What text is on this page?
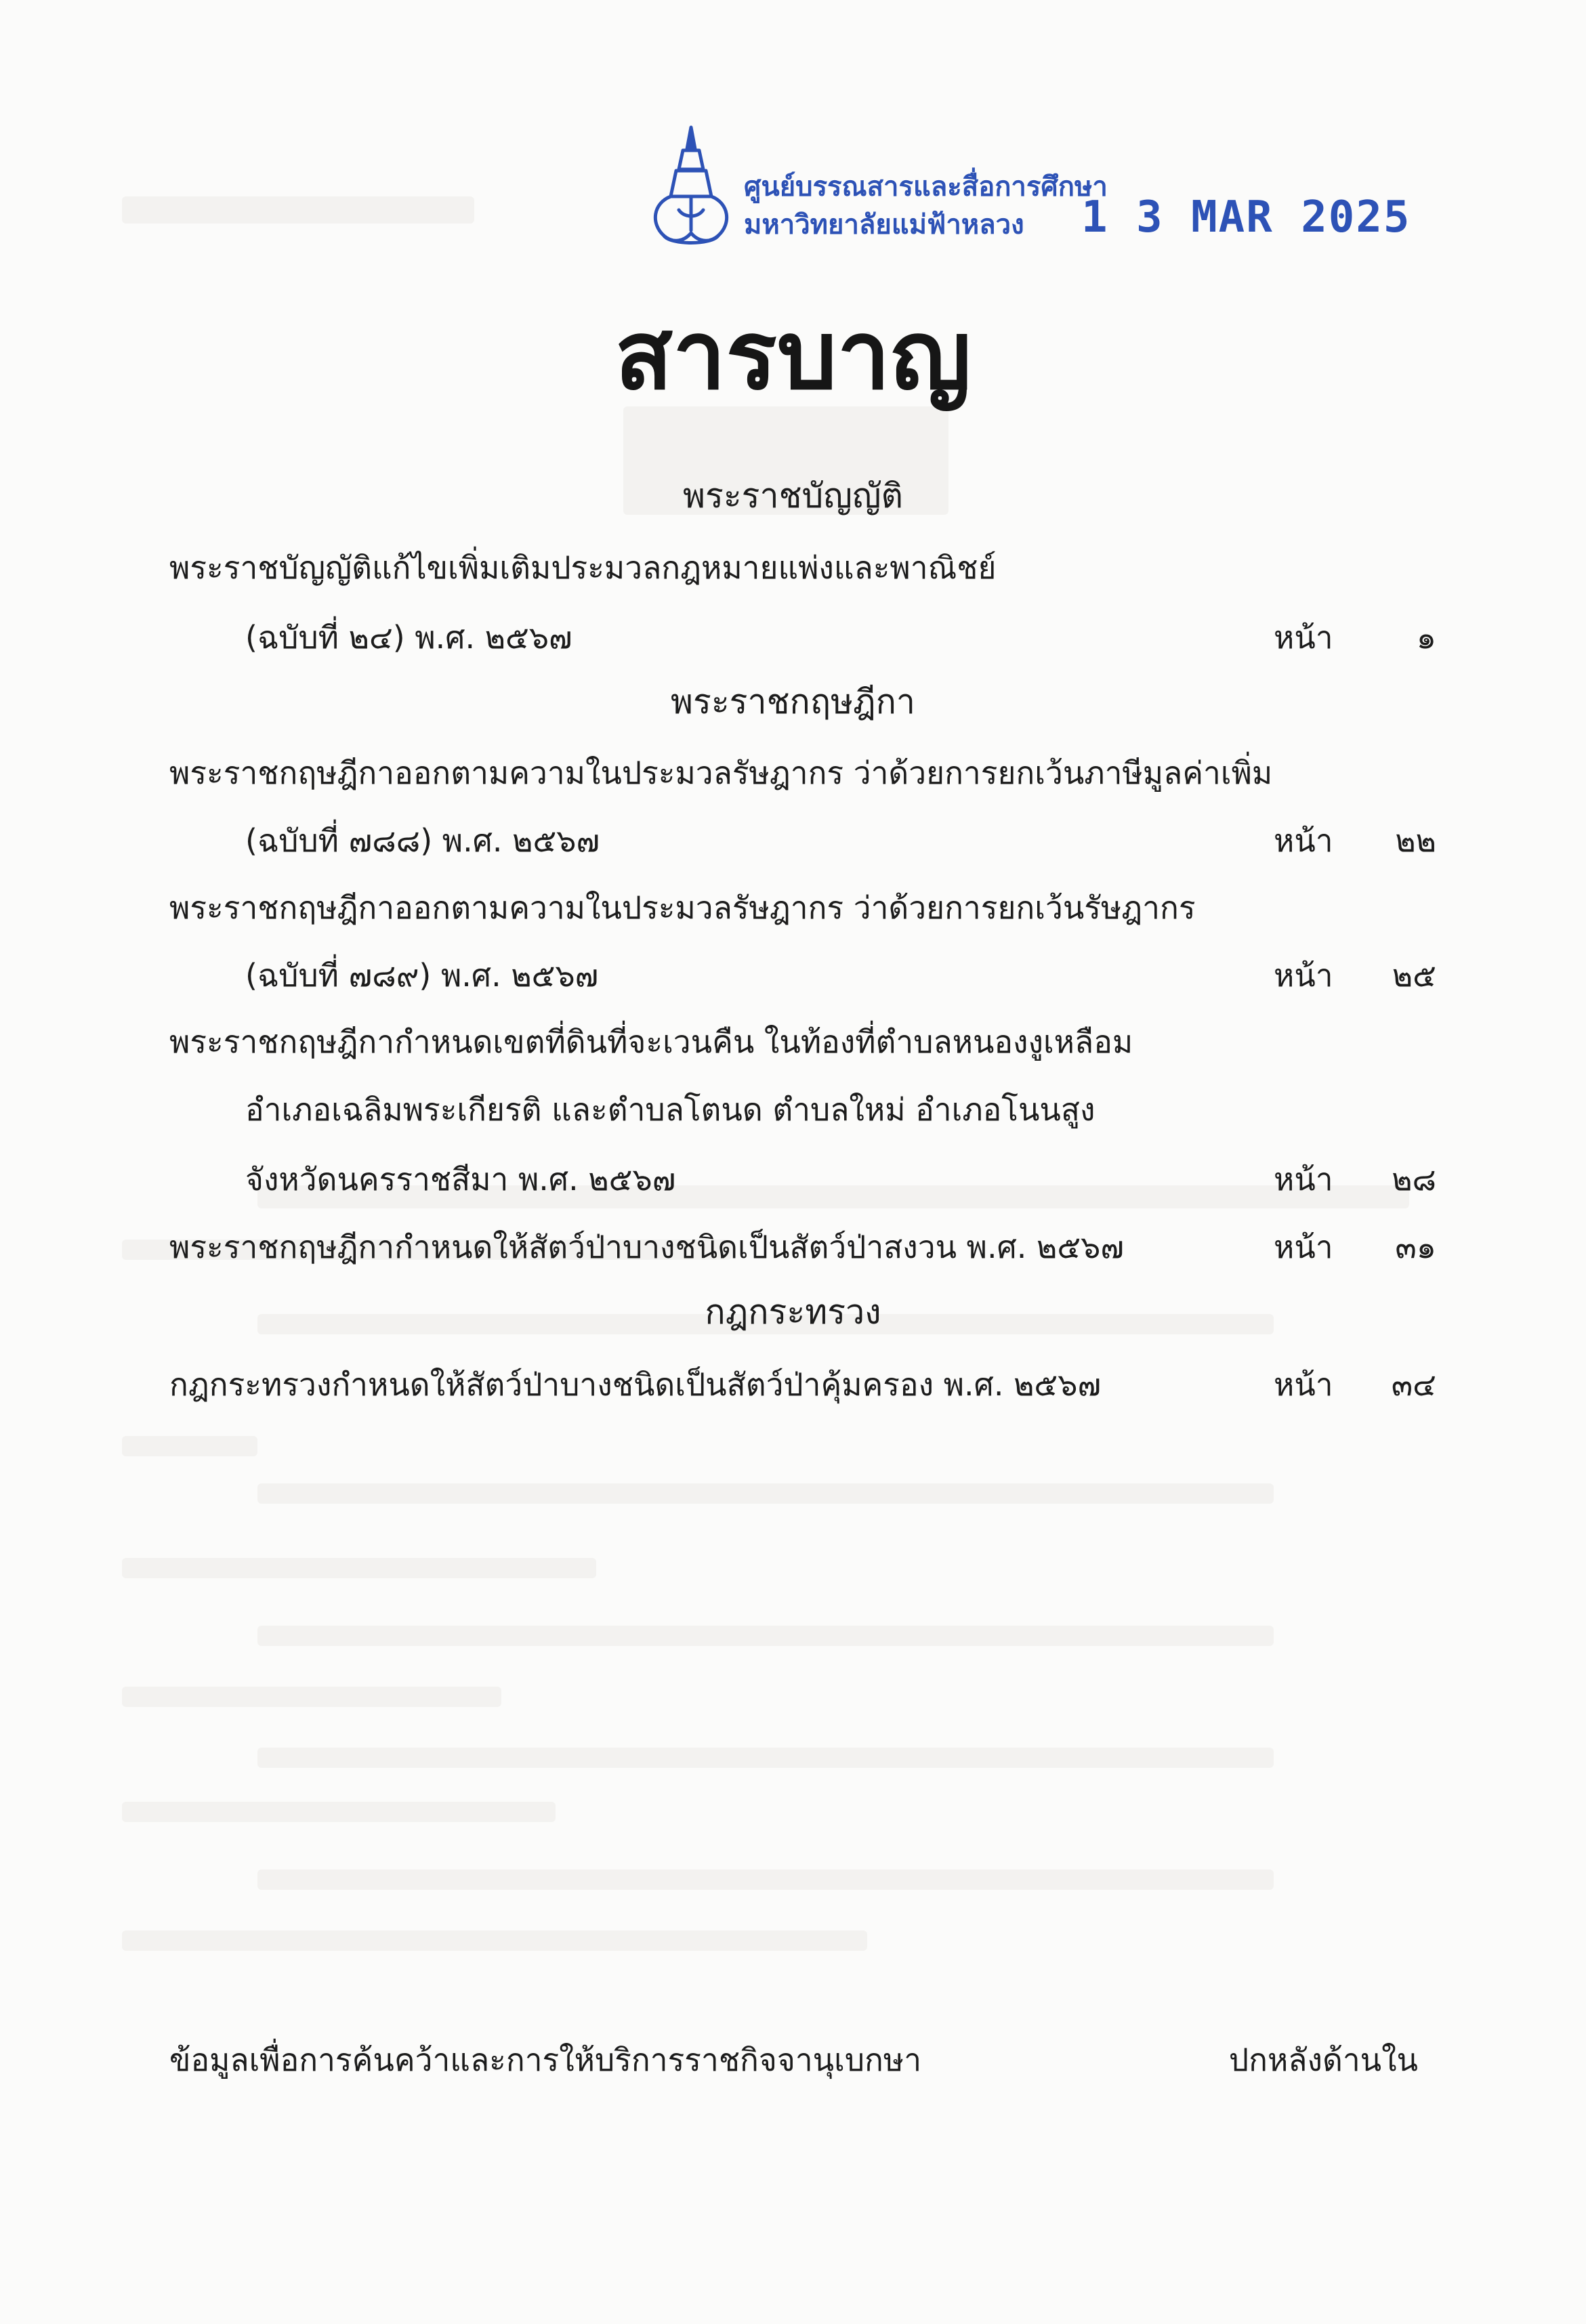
ศูนย์บรรณสารและสื่อการศึกษา
มหาวิทยาลัยแม่ฟ้าหลวง	1 3 MAR 2025
สารบาญ
พระราชบัญญัติ
พระราชบัญญัติแก้ไขเพิ่มเติมประมวลกฎหมายแพ่งและพาณิชย์
(ฉบับที่ ๒๔) พ.ศ. ๒๕๖๗	หน้า	๑
พระราชกฤษฎีกา
พระราชกฤษฎีกาออกตามความในประมวลรัษฎากร ว่าด้วยการยกเว้นภาษีมูลค่าเพิ่ม
(ฉบับที่ ๗๘๘) พ.ศ. ๒๕๖๗	หน้า	๒๒
พระราชกฤษฎีกาออกตามความในประมวลรัษฎากร ว่าด้วยการยกเว้นรัษฎากร
(ฉบับที่ ๗๘๙) พ.ศ. ๒๕๖๗	หน้า	๒๕
พระราชกฤษฎีกากำหนดเขตที่ดินที่จะเวนคืน ในท้องที่ตำบลหนองงูเหลือม
อำเภอเฉลิมพระเกียรติ และตำบลโตนด ตำบลใหม่ อำเภอโนนสูง
จังหวัดนครราชสีมา พ.ศ. ๒๕๖๗	หน้า	๒๘
พระราชกฤษฎีกากำหนดให้สัตว์ป่าบางชนิดเป็นสัตว์ป่าสงวน พ.ศ. ๒๕๖๗	หน้า	๓๑
กฎกระทรวง
กฎกระทรวงกำหนดให้สัตว์ป่าบางชนิดเป็นสัตว์ป่าคุ้มครอง พ.ศ. ๒๕๖๗	หน้า	๓๔
ข้อมูลเพื่อการค้นคว้าและการให้บริการราชกิจจานุเบกษา	ปกหลังด้านใน
